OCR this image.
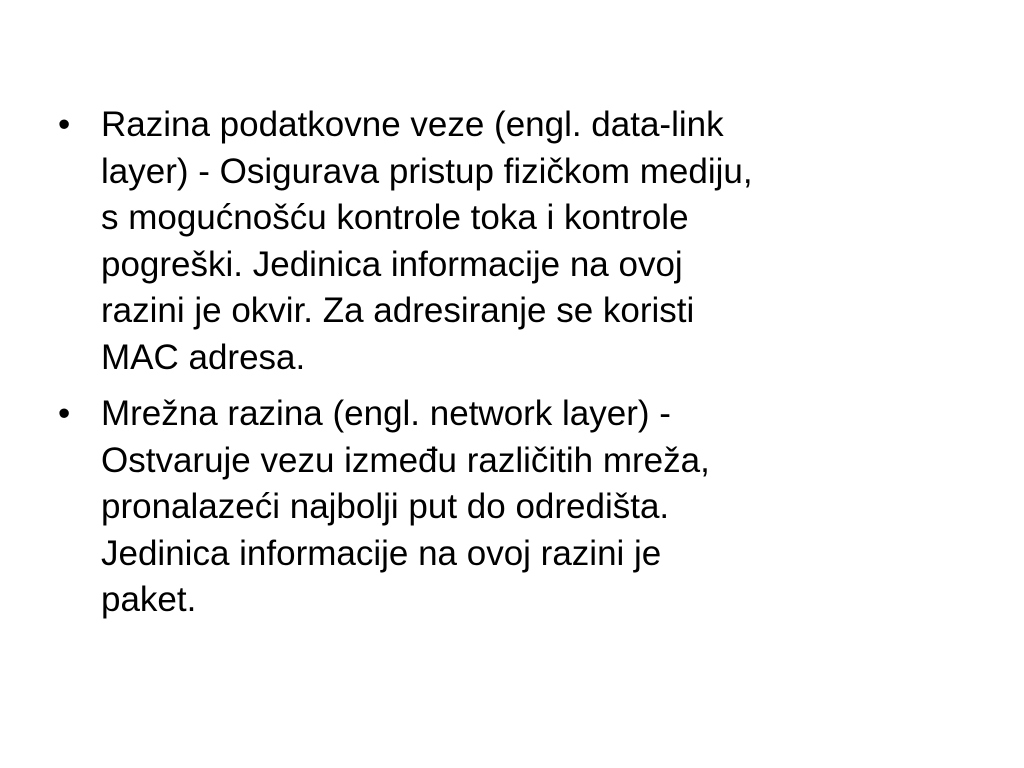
• Razina podatkovne veze (engl. data-link
layer) - Osigurava pristup fizičkom mediju,
s mogućnošću kontrole toka i kontrole
pogreški. Jedinica informacije na ovoj
razini je okvir. Za adresiranje se koristi
MAC adresa.
• Mrežna razina (engl. network layer) -
Ostvaruje vezu između različitih mreža,
pronalazeći najbolji put do odredišta.
Jedinica informacije na ovoj razini je
paket.
